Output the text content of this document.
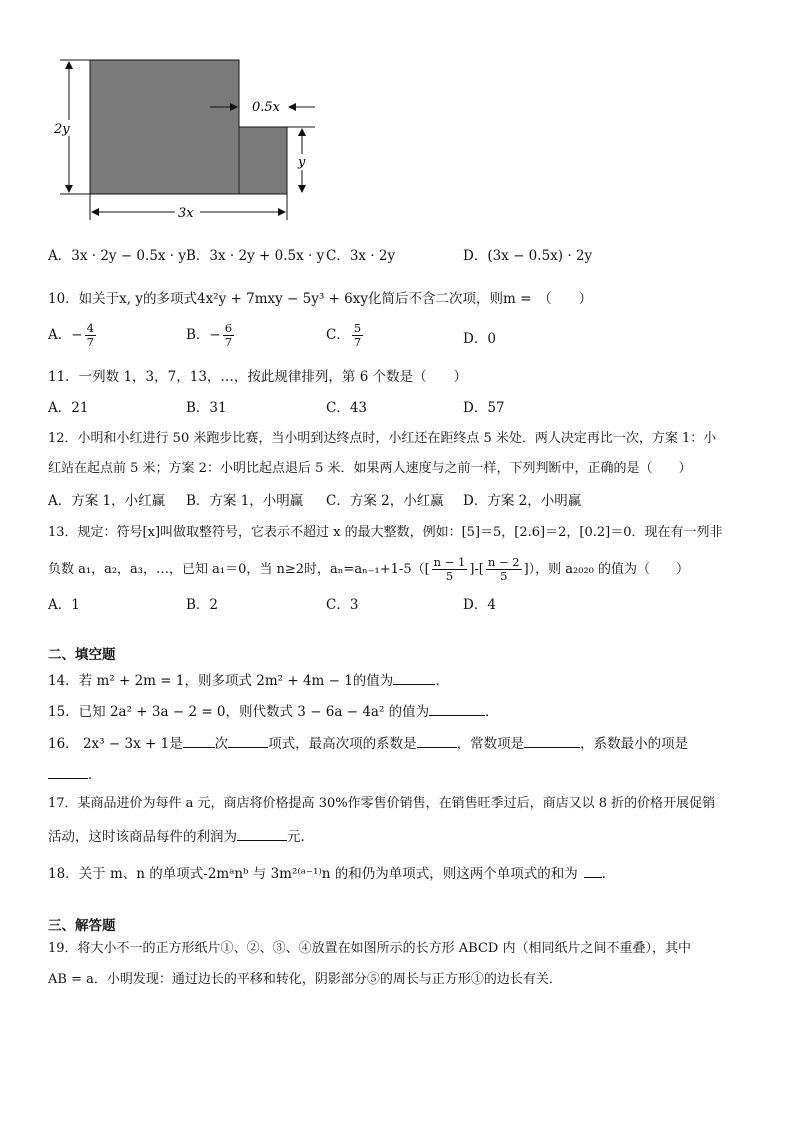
2y
3x
0.5x
y
A．3x · 2y − 0.5x · y B．3x · 2y + 0.5x · y C．3x · 2y	D．(3x − 0.5x) · 2y
10．如关于x, y的多项式4x²y + 7mxy − 5y³ + 6xy化简后不含二次项，则m =　（　　）
A．− $\frac{4}{7}$	B．− $\frac{6}{7}$	C． $\frac{5}{7}$	D．0
11．一列数 1，3，7，13，…，按此规律排列，第 6 个数是（　　）
A．21	B．31	C．43	D．57
12．小明和小红进行 50 米跑步比赛，当小明到达终点时，小红还在距终点 5 米处．两人决定再比一次，方案 1：小
红站在起点前 5 米；方案 2：小明比起点退后 5 米．如果两人速度与之前一样，下列判断中，正确的是（　　）
A．方案 1，小红赢 B．方案 1，小明赢 C．方案 2，小红赢 D．方案 2，小明赢
13．规定：符号[x]叫做取整符号，它表示不超过 x 的最大整数，例如：[5]＝5，[2.6]＝2，[0.2]＝0．现在有一列非
负数 a₁，a₂，a₃，…，已知 a₁＝0，当 n≥2时，$a_n=a_{n-1}+1-5([ \frac{n - 1}{5}$ ]-[ $\frac{n - 2}{5}$ ]），则 a₂₀₂₀ 的值为（　　）
A．1	B．2	C．3	D．4
二、填空题
14．若 m² + 2m = 1，则多项式 2m² + 4m − 1的值为	．
15．已知 2a² + 3a − 2 = 0，则代数式 3 − 6a − 4a² 的值为	．
16． 2x³ − 3x + 1是 次	项式，最高次项的系数是	，常数项是	，系数最小的项是
．
17．某商品进价为每件 a 元，商店将价格提高 30%作零售价销售，在销售旺季过后，商店又以 8 折的价格开展促销
活动，这时该商品每件的利润为	元．
18．关于 m、n 的单项式-2mᵃnᵇ 与 3m²⁽ᵃ⁻¹⁾n 的和仍为单项式，则这两个单项式的和为 ．
三、解答题
19．将大小不一的正方形纸片①、②、③、④放置在如图所示的长方形 ABCD 内（相同纸片之间不重叠），其中
AB = a．小明发现：通过边长的平移和转化，阴影部分⑤的周长与正方形①的边长有关．
